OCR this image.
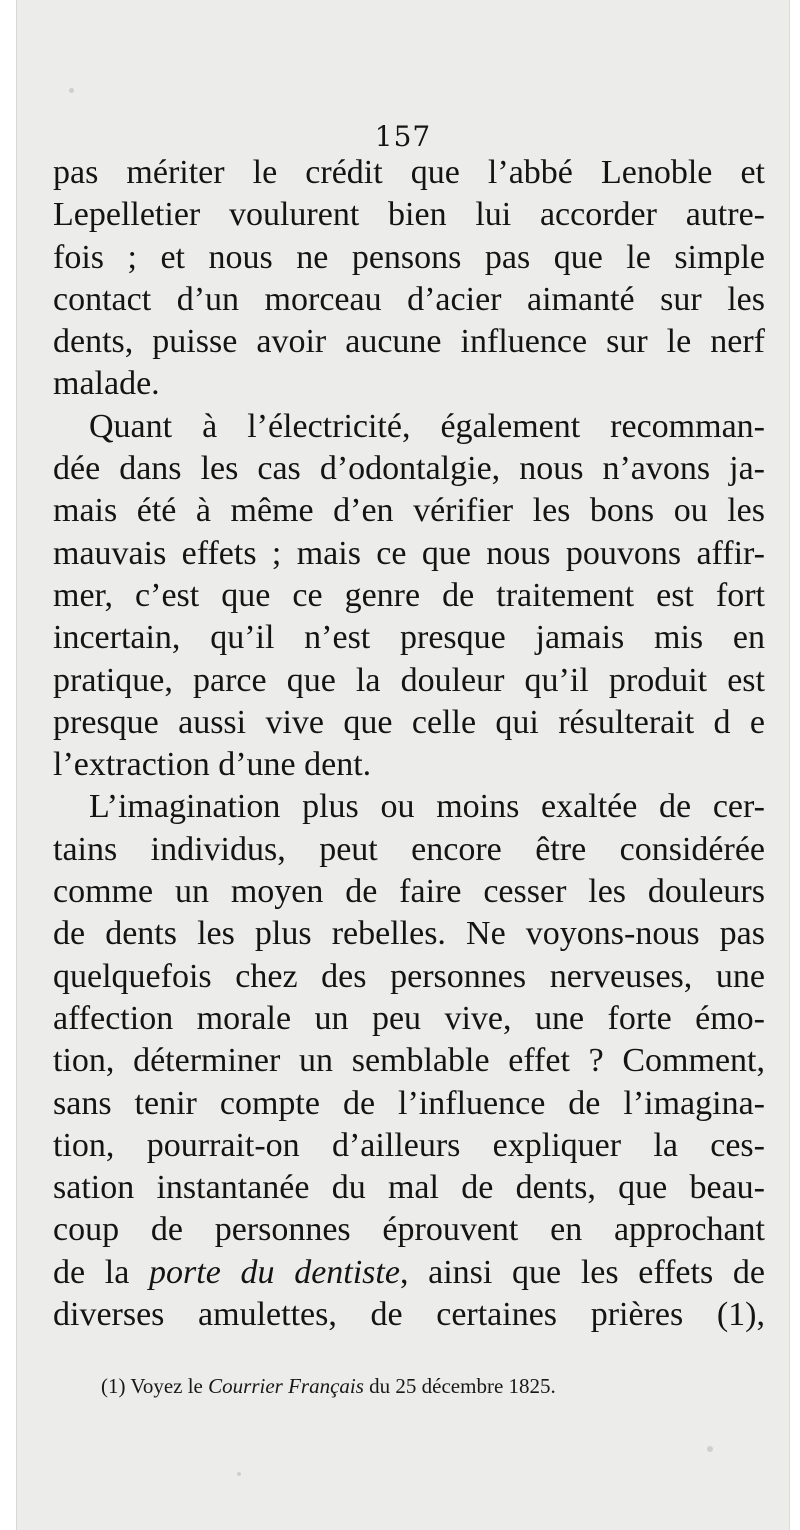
157
pas mériter le crédit que l’abbé Lenoble et
Lepelletier voulurent bien lui accorder autre-
fois ; et nous ne pensons pas que le simple
contact d’un morceau d’acier aimanté sur les
dents, puisse avoir aucune influence sur le nerf
malade.
Quant à l’électricité, également recomman-
dée dans les cas d’odontalgie, nous n’avons ja-
mais été à même d’en vérifier les bons ou les
mauvais effets ; mais ce que nous pouvons affir-
mer, c’est que ce genre de traitement est fort
incertain, qu’il n’est presque jamais mis en
pratique, parce que la douleur qu’il produit est
presque aussi vive que celle qui résulterait d e
l’extraction d’une dent.
L’imagination plus ou moins exaltée de cer-
tains individus, peut encore être considérée
comme un moyen de faire cesser les douleurs
de dents les plus rebelles. Ne voyons-nous pas
quelquefois chez des personnes nerveuses, une
affection morale un peu vive, une forte émo-
tion, déterminer un semblable effet ? Comment,
sans tenir compte de l’influence de l’imagina-
tion, pourrait-on d’ailleurs expliquer la ces-
sation instantanée du mal de dents, que beau-
coup de personnes éprouvent en approchant
de la porte du dentiste, ainsi que les effets de
diverses amulettes, de certaines prières (1),
(1) Voyez le Courrier Français du 25 décembre 1825.
